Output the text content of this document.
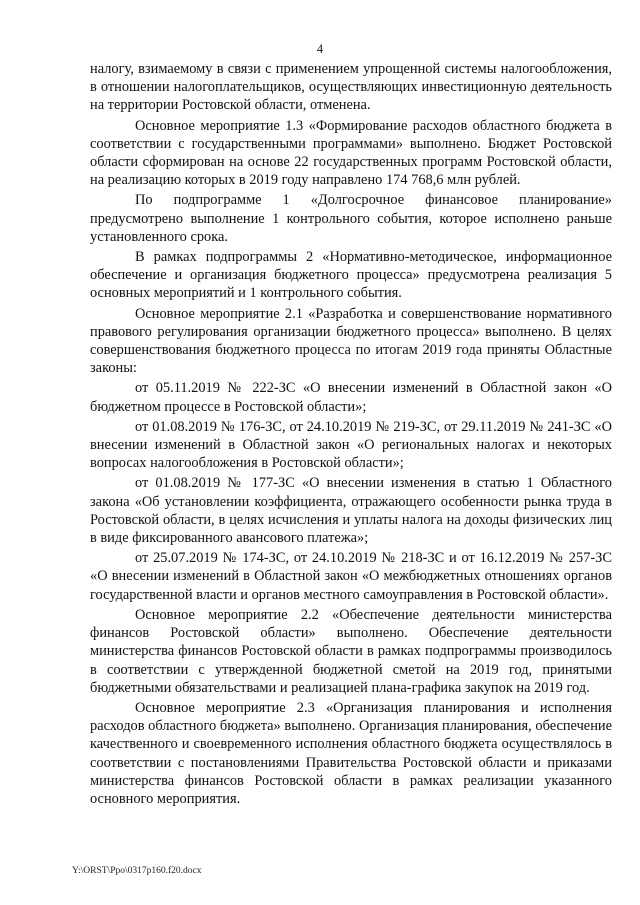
4

налогу, взимаемому в связи с применением упрощенной системы налогообложения, в отношении налогоплательщиков, осуществляющих инвестиционную деятельность на территории Ростовской области, отменена.

Основное мероприятие 1.3 «Формирование расходов областного бюджета в соответствии с государственными программами» выполнено. Бюджет Ростовской области сформирован на основе 22 государственных программ Ростовской области, на реализацию которых в 2019 году направлено 174 768,6 млн рублей.

По подпрограмме 1 «Долгосрочное финансовое планирование» предусмотрено выполнение 1 контрольного события, которое исполнено раньше установленного срока.

В рамках подпрограммы 2 «Нормативно-методическое, информационное обеспечение и организация бюджетного процесса» предусмотрена реализация 5 основных мероприятий и 1 контрольного события.

Основное мероприятие 2.1 «Разработка и совершенствование нормативного правового регулирования организации бюджетного процесса» выполнено. В целях совершенствования бюджетного процесса по итогам 2019 года приняты Областные законы:

от 05.11.2019 № 222-ЗС «О внесении изменений в Областной закон «О бюджетном процессе в Ростовской области»;

от 01.08.2019 № 176-ЗС, от 24.10.2019 № 219-ЗС, от 29.11.2019 № 241-ЗС «О внесении изменений в Областной закон «О региональных налогах и некоторых вопросах налогообложения в Ростовской области»;

от 01.08.2019 № 177-ЗС «О внесении изменения в статью 1 Областного закона «Об установлении коэффициента, отражающего особенности рынка труда в Ростовской области, в целях исчисления и уплаты налога на доходы физических лиц в виде фиксированного авансового платежа»;

от 25.07.2019 № 174-ЗС, от 24.10.2019 № 218-ЗС и от 16.12.2019 № 257-ЗС «О внесении изменений в Областной закон «О межбюджетных отношениях органов государственной власти и органов местного самоуправления в Ростовской области».

Основное мероприятие 2.2 «Обеспечение деятельности министерства финансов Ростовской области» выполнено. Обеспечение деятельности министерства финансов Ростовской области в рамках подпрограммы производилось в соответствии с утвержденной бюджетной сметой на 2019 год, принятыми бюджетными обязательствами и реализацией плана-графика закупок на 2019 год.

Основное мероприятие 2.3 «Организация планирования и исполнения расходов областного бюджета» выполнено. Организация планирования, обеспечение качественного и своевременного исполнения областного бюджета осуществлялось в соответствии с постановлениями Правительства Ростовской области и приказами министерства финансов Ростовской области в рамках реализации указанного основного мероприятия.

Y:\ORST\Ppo\0317p160.f20.docx
